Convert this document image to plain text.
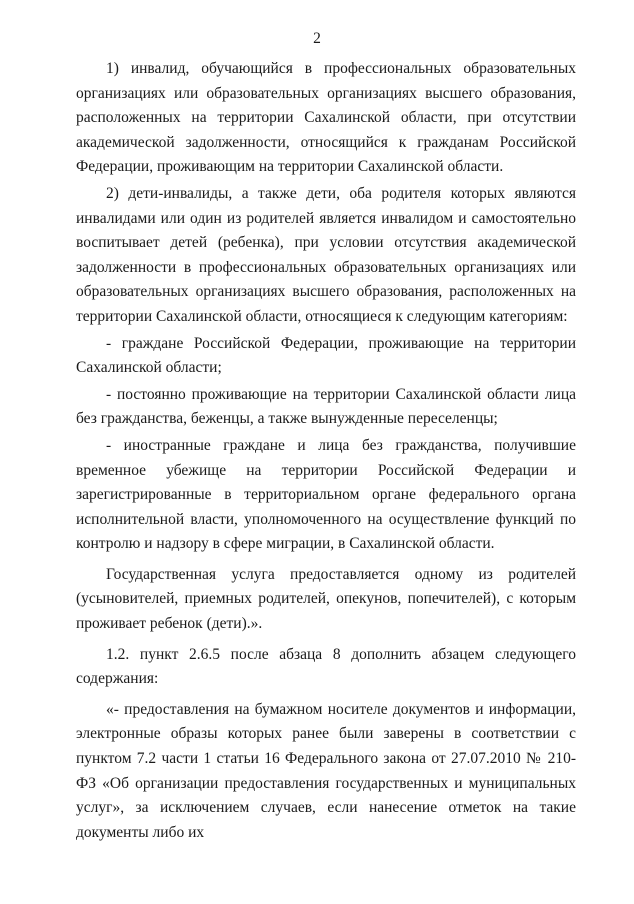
2

1) инвалид, обучающийся в профессиональных образовательных организациях или образовательных организациях высшего образования, расположенных на территории Сахалинской области, при отсутствии академической задолженности, относящийся к гражданам Российской Федерации, проживающим на территории Сахалинской области.

2) дети-инвалиды, а также дети, оба родителя которых являются инвалидами или один из родителей является инвалидом и самостоятельно воспитывает детей (ребенка), при условии отсутствия академической задолженности в профессиональных образовательных организациях или образовательных организациях высшего образования, расположенных на территории Сахалинской области, относящиеся к следующим категориям:

- граждане Российской Федерации, проживающие на территории Сахалинской области;

- постоянно проживающие на территории Сахалинской области лица без гражданства, беженцы, а также вынужденные переселенцы;

- иностранные граждане и лица без гражданства, получившие временное убежище на территории Российской Федерации и зарегистрированные в территориальном органе федерального органа исполнительной власти, уполномоченного на осуществление функций по контролю и надзору в сфере миграции, в Сахалинской области.

Государственная услуга предоставляется одному из родителей (усыновителей, приемных родителей, опекунов, попечителей), с которым проживает ребенок (дети).».

1.2. пункт 2.6.5 после абзаца 8 дополнить абзацем следующего содержания:

«- предоставления на бумажном носителе документов и информации, электронные образы которых ранее были заверены в соответствии с пунктом 7.2 части 1 статьи 16 Федерального закона от 27.07.2010 № 210-ФЗ «Об организации предоставления государственных и муниципальных услуг», за исключением случаев, если нанесение отметок на такие документы либо их
